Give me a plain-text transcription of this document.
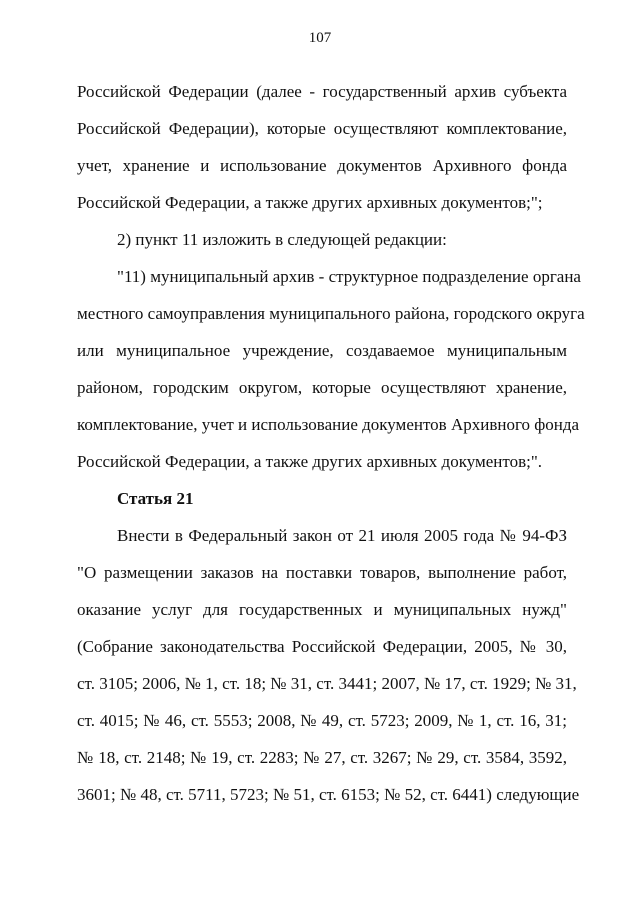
107
Российской Федерации (далее - государственный архив субъекта
Российской Федерации), которые осуществляют комплектование,
учет, хранение и использование документов Архивного фонда
Российской Федерации, а также других архивных документов;";
2) пункт 11 изложить в следующей редакции:
"11) муниципальный архив - структурное подразделение органа
местного самоуправления муниципального района, городского округа
или муниципальное учреждение, создаваемое муниципальным
районом, городским округом, которые осуществляют хранение,
комплектование, учет и использование документов Архивного фонда
Российской Федерации, а также других архивных документов;".
Статья 21
Внести в Федеральный закон от 21 июля 2005 года № 94-ФЗ
"О размещении заказов на поставки товаров, выполнение работ,
оказание услуг для государственных и муниципальных нужд"
(Собрание законодательства Российской Федерации, 2005, № 30,
ст. 3105; 2006, № 1, ст. 18; № 31, ст. 3441; 2007, № 17, ст. 1929; № 31,
ст. 4015; № 46, ст. 5553; 2008, № 49, ст. 5723; 2009, № 1, ст. 16, 31;
№ 18, ст. 2148; № 19, ст. 2283; № 27, ст. 3267; № 29, ст. 3584, 3592,
3601; № 48, ст. 5711, 5723; № 51, ст. 6153; № 52, ст. 6441) следующие
